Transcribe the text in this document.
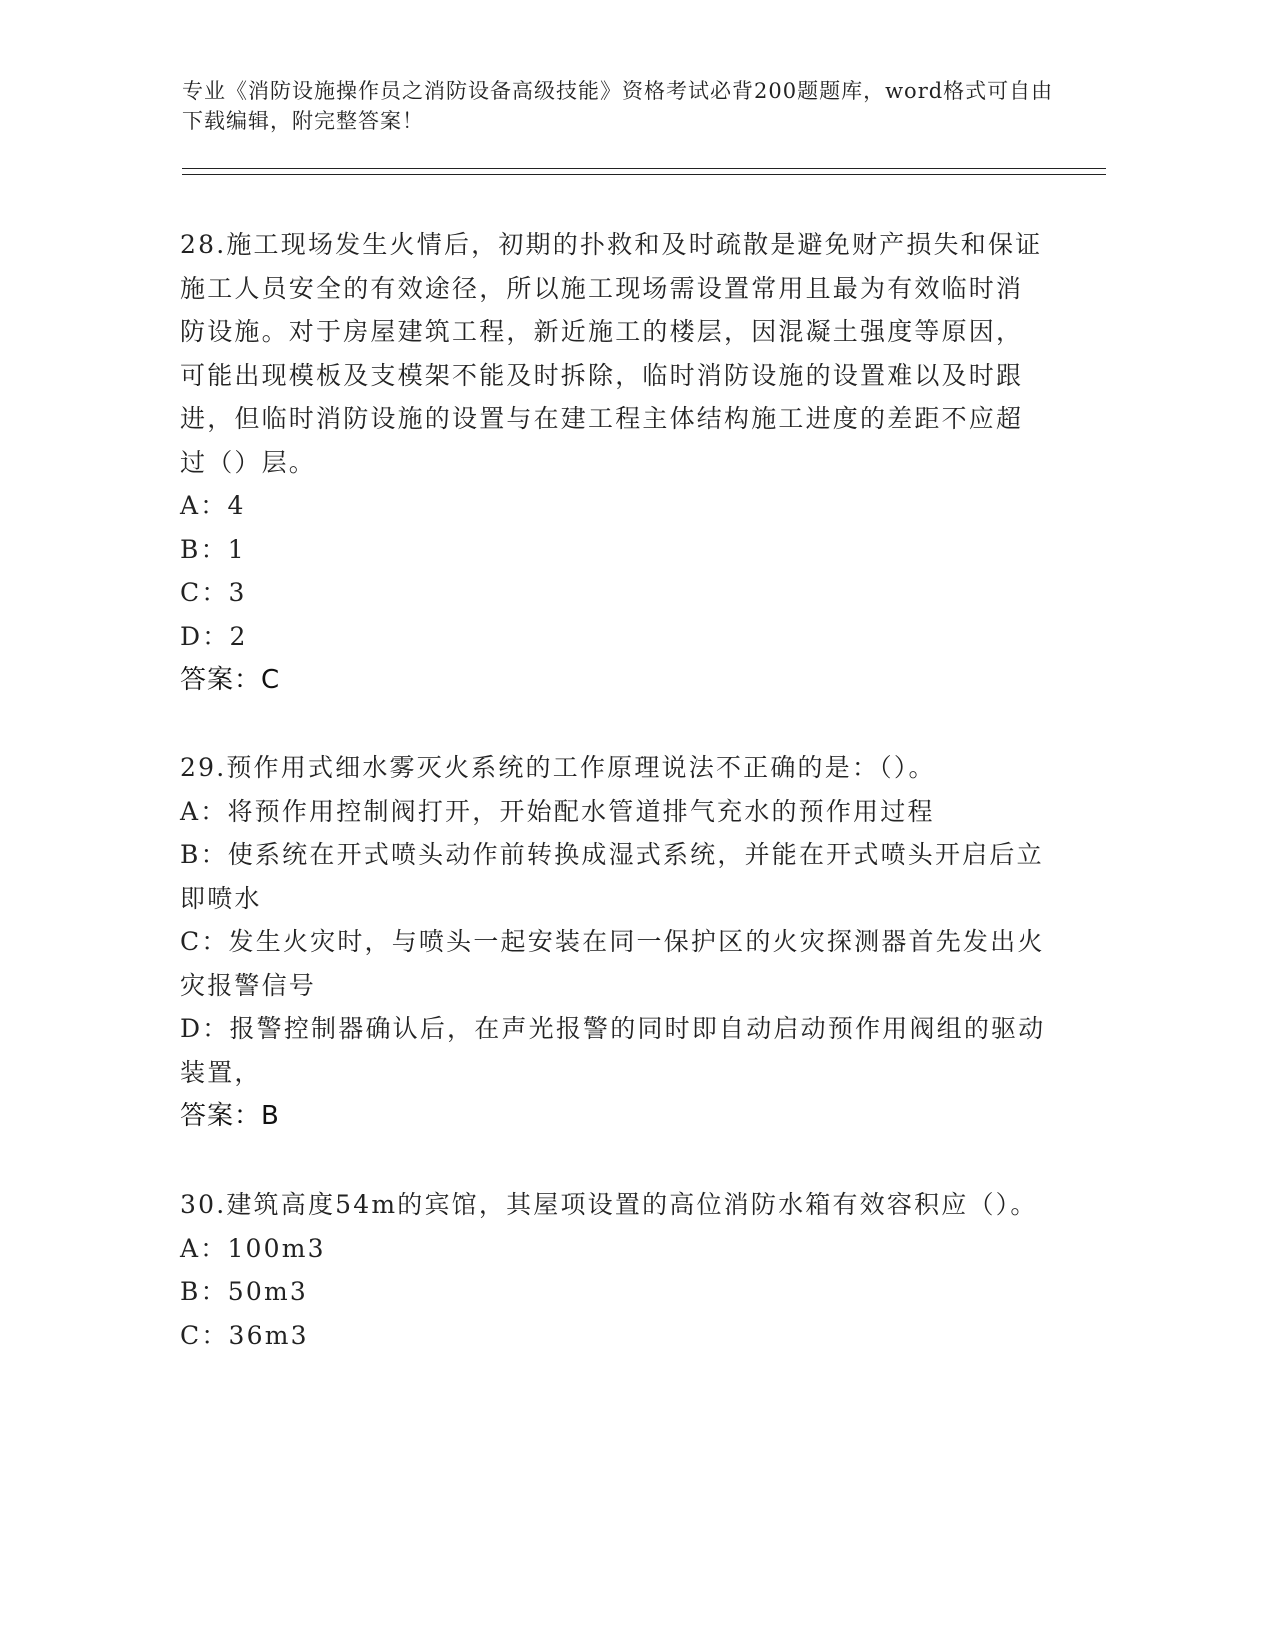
专业《消防设施操作员之消防设备高级技能》资格考试必背200题题库，word格式可自由下载编辑，附完整答案！

28.施工现场发生火情后，初期的扑救和及时疏散是避免财产损失和保证施工人员安全的有效途径，所以施工现场需设置常用且最为有效临时消防设施。对于房屋建筑工程，新近施工的楼层，因混凝土强度等原因，可能出现模板及支模架不能及时拆除，临时消防设施的设置难以及时跟进，但临时消防设施的设置与在建工程主体结构施工进度的差距不应超过（）层。

A：4

B：1

C：3

D：2

答案：C

29.预作用式细水雾灭火系统的工作原理说法不正确的是：（）。

A：将预作用控制阀打开，开始配水管道排气充水的预作用过程

B：使系统在开式喷头动作前转换成湿式系统，并能在开式喷头开启后立即喷水

C：发生火灾时，与喷头一起安装在同一保护区的火灾探测器首先发出火灾报警信号

D：报警控制器确认后，在声光报警的同时即自动启动预作用阀组的驱动装置，

答案：B

30.建筑高度54m的宾馆，其屋项设置的高位消防水箱有效容积应（）。

A：100m3

B：50m3

C：36m3
